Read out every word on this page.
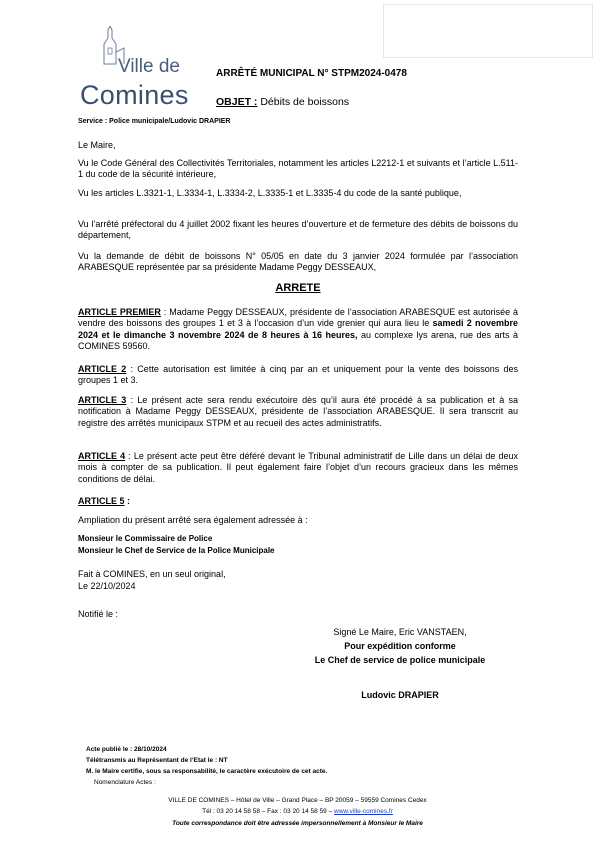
Ville de
Comines
ARRÊTÉ MUNICIPAL N° STPM2024-0478
OBJET : Débits de boissons
Service : Police municipale/Ludovic DRAPIER
Le Maire,
Vu le Code Général des Collectivités Territoriales, notamment les articles L2212-1 et suivants et l’article L.511-1 du code de la sécurité intérieure,
Vu les articles L.3321-1, L.3334-1, L.3334-2, L.3335-1 et L.3335-4 du code de la santé publique,
Vu l’arrêté préfectoral du 4 juillet 2002 fixant les heures d’ouverture et de fermeture des débits de boissons du département,
Vu la demande de débit de boissons N° 05/05 en date du 3 janvier 2024 formulée par l’association ARABESQUE représentée par sa présidente Madame Peggy DESSEAUX,
ARRETE
ARTICLE PREMIER : Madame Peggy DESSEAUX, présidente de l’association ARABESQUE est autorisée à vendre des boissons des groupes 1 et 3 à l’occasion d’un vide grenier qui aura lieu le samedi 2 novembre 2024 et le dimanche 3 novembre 2024 de 8 heures à 16 heures, au complexe lys arena, rue des arts à COMINES 59560.
ARTICLE 2 : Cette autorisation est limitée à cinq par an et uniquement pour la vente des boissons des groupes 1 et 3.
ARTICLE 3 : Le présent acte sera rendu exécutoire dès qu’il aura été procédé à sa publication et à sa notification à Madame Peggy DESSEAUX, présidente de l’association ARABESQUE. Il sera transcrit au registre des arrêtés municipaux STPM et au recueil des actes administratifs.
ARTICLE 4 : Le présent acte peut être déféré devant le Tribunal administratif de Lille dans un délai de deux mois à compter de sa publication. Il peut également faire l’objet d’un recours gracieux dans les mêmes conditions de délai.
ARTICLE 5 :
Ampliation du présent arrêté sera également adressée à :
Monsieur le Commissaire de Police
Monsieur le Chef de Service de la Police Municipale
Fait à COMINES, en un seul original,
Le 22/10/2024
Notifié le :
Signé Le Maire, Eric VANSTAEN,
Pour expédition conforme
Le Chef de service de police municipale
Ludovic DRAPIER
Acte publié le : 28/10/2024
Télétransmis au Représentant de l’Etat le : NT
M. le Maire certifie, sous sa responsabilité, le caractère exécutoire de cet acte.
Nomenclature Actes :
VILLE DE COMINES – Hôtel de Ville – Grand Place – BP 20059 – 59559 Comines Cedex
Tél : 03 20 14 58 58 – Fax : 03 20 14 58 59 – www.ville-comines.fr
Toute correspondance doit être adressée impersonnellement à Monsieur le Maire
